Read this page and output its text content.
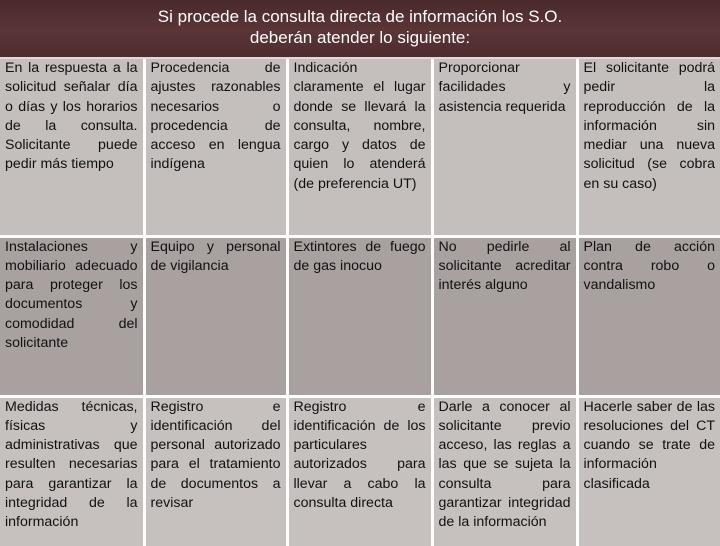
Si procede la consulta directa de información los S.O.
deberán atender lo siguiente:
En la respuesta a la solicitud señalar día o días y los horarios de la consulta. Solicitante puede pedir más tiempo	Procedencia de ajustes razonables necesarios o procedencia de acceso en lengua indígena	Indicación claramente el lugar donde se llevará la consulta, nombre, cargo y datos de quien lo atenderá (de preferencia UT)	Proporcionar facilidades y asistencia requerida	El solicitante podrá pedir la reproducción de la información sin mediar una nueva solicitud (se cobra en su caso)
Instalaciones y mobiliario adecuado para proteger los documentos y comodidad del solicitante	Equipo y personal de vigilancia	Extintores de fuego de gas inocuo	No pedirle al solicitante acreditar interés alguno	Plan de acción contra robo o vandalismo
Medidas técnicas, físicas y administrativas que resulten necesarias para garantizar la integridad de la información	Registro e identificación del personal autorizado para el tratamiento de documentos a revisar	Registro e identificación de los particulares autorizados para llevar a cabo la consulta directa	Darle a conocer al solicitante previo acceso, las reglas a las que se sujeta la consulta para garantizar integridad de la información	Hacerle saber de las resoluciones del CT cuando se trate de información clasificada
